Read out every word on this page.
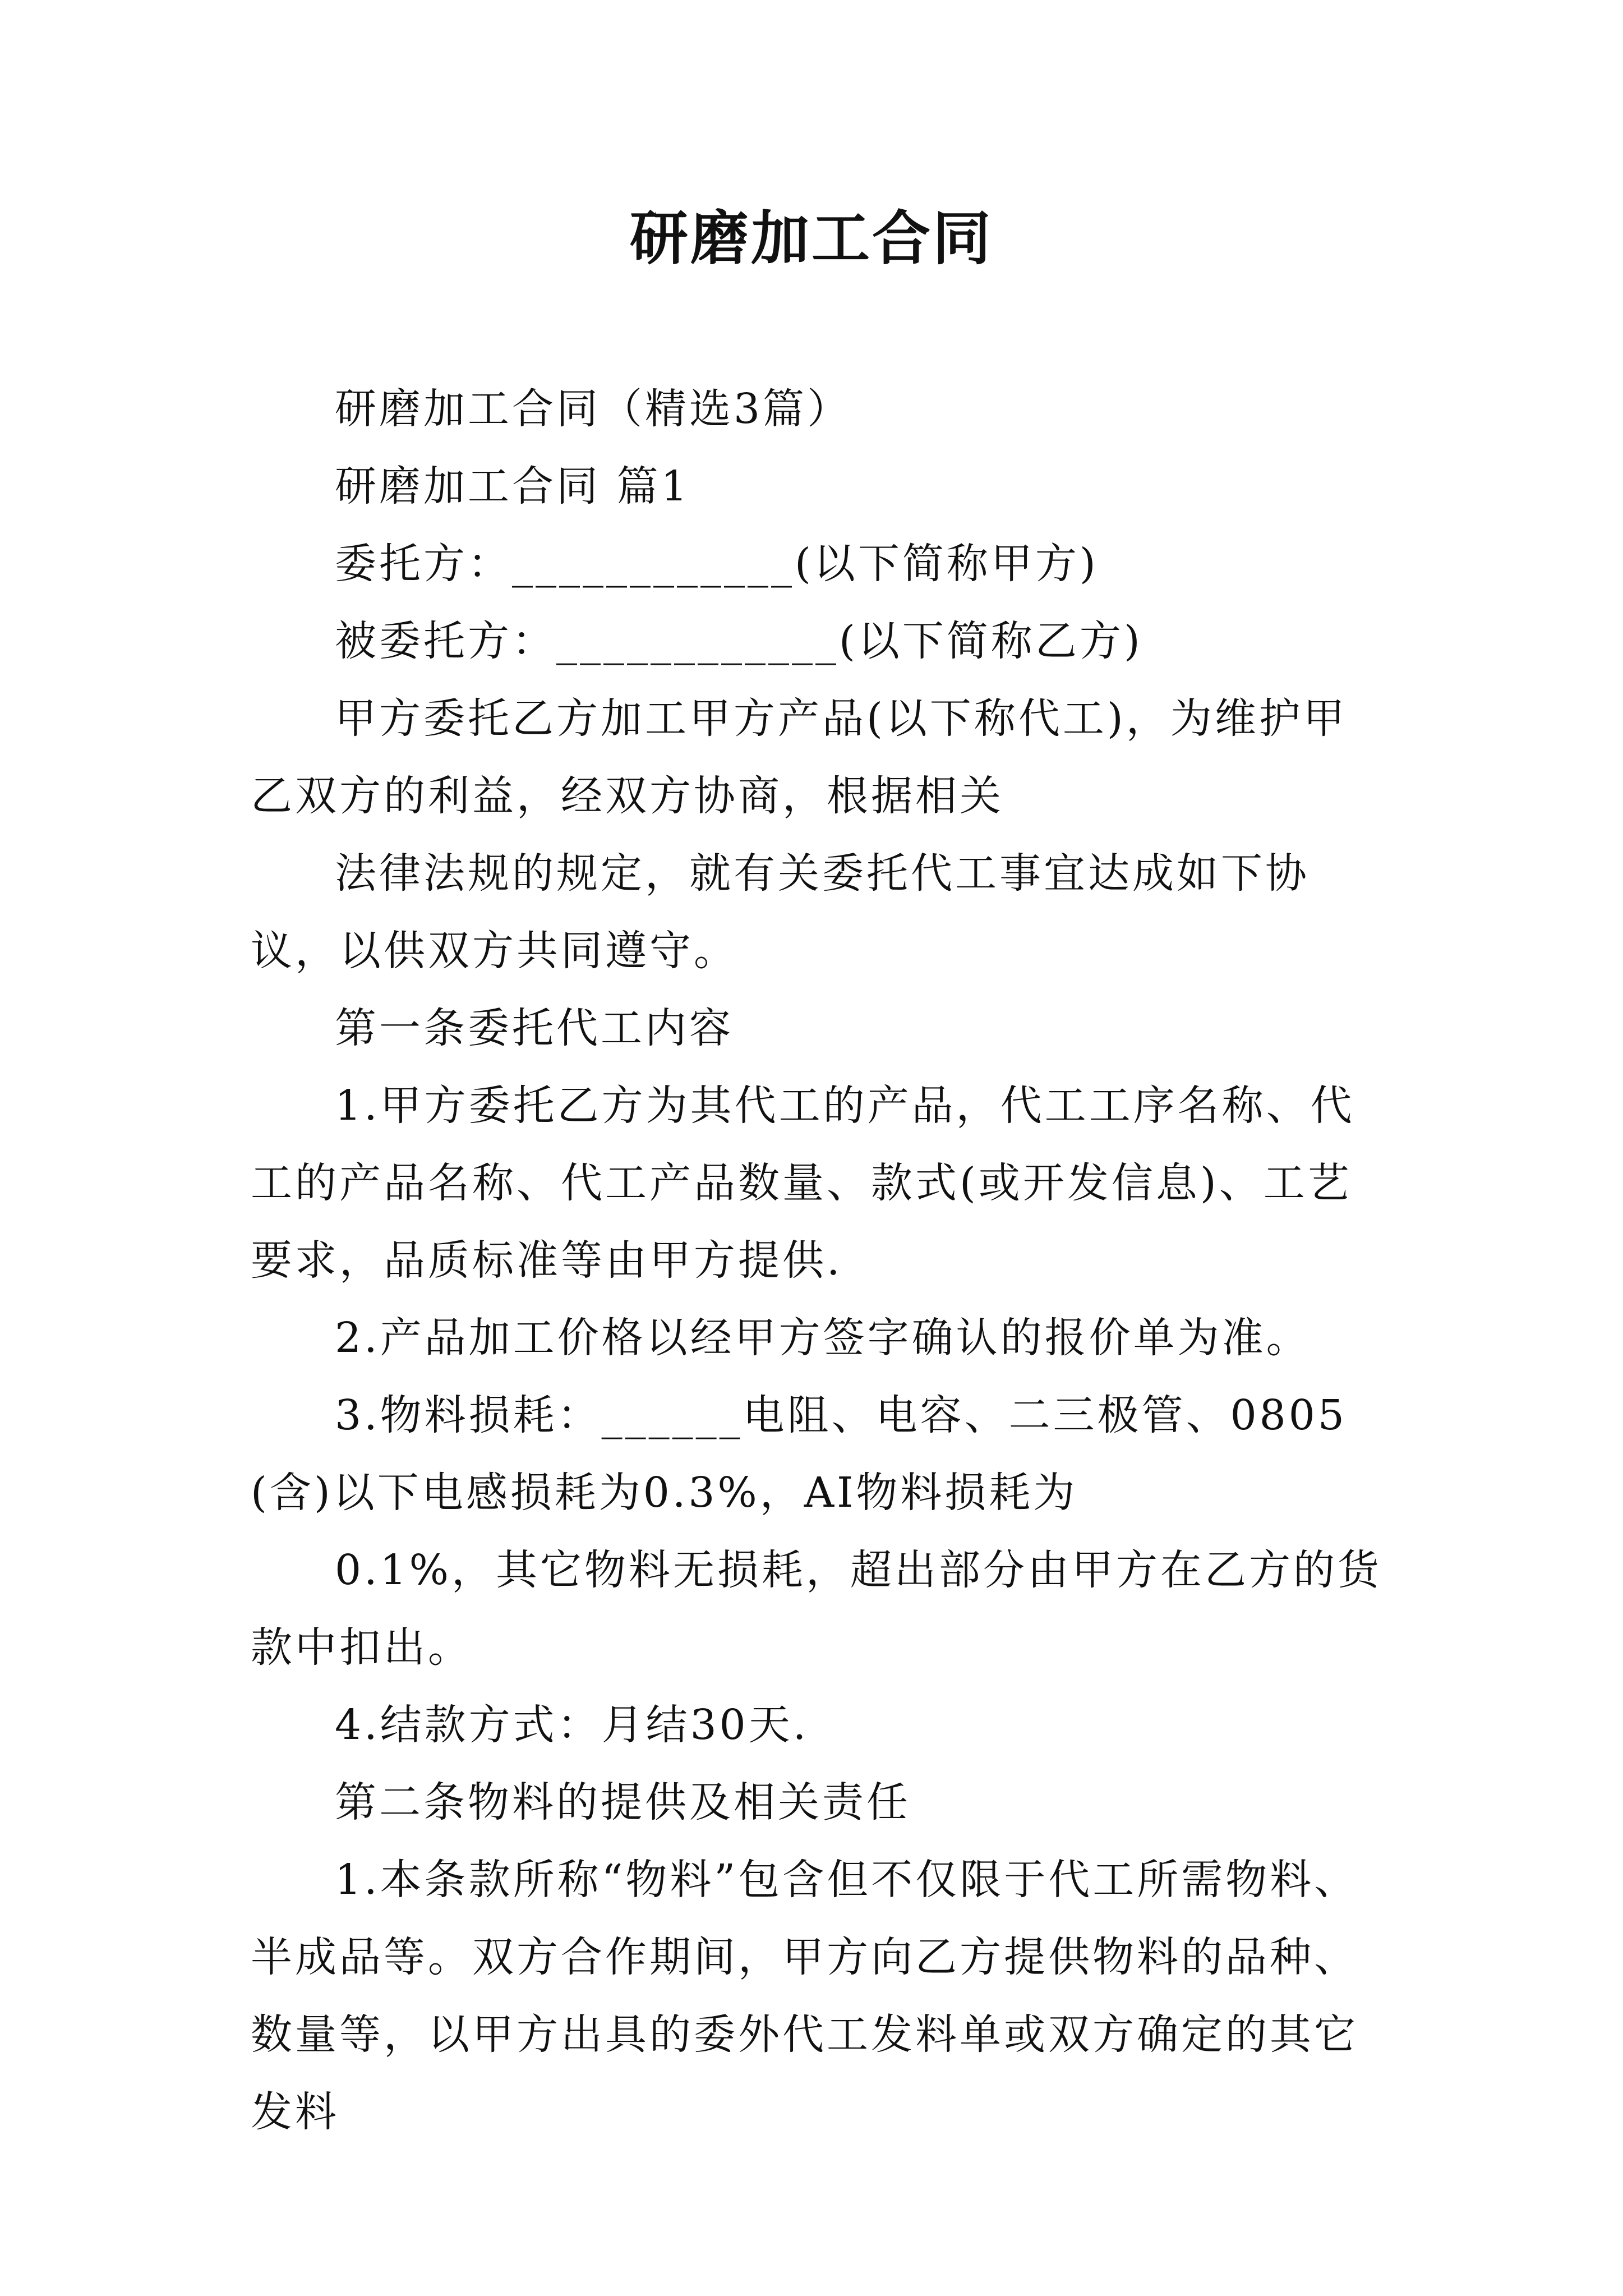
研磨加工合同

研磨加工合同（精选3篇）

研磨加工合同 篇1

委托方：____________(以下简称甲方)

被委托方：____________(以下简称乙方)

甲方委托乙方加工甲方产品(以下称代工)，为维护甲乙双方的利益，经双方协商，根据相关

法律法规的规定，就有关委托代工事宜达成如下协议，以供双方共同遵守。

第一条委托代工内容

1.甲方委托乙方为其代工的产品，代工工序名称、代工的产品名称、代工产品数量、款式(或开发信息)、工艺要求，品质标准等由甲方提供.

2.产品加工价格以经甲方签字确认的报价单为准。

3.物料损耗：______电阻、电容、二三极管、0805(含)以下电感损耗为0.3%，AI物料损耗为

0.1%，其它物料无损耗，超出部分由甲方在乙方的货款中扣出。

4.结款方式：月结30天.

第二条物料的提供及相关责任

1.本条款所称“物料”包含但不仅限于代工所需物料、半成品等。双方合作期间，甲方向乙方提供物料的品种、数量等，以甲方出具的委外代工发料单或双方确定的其它发料
